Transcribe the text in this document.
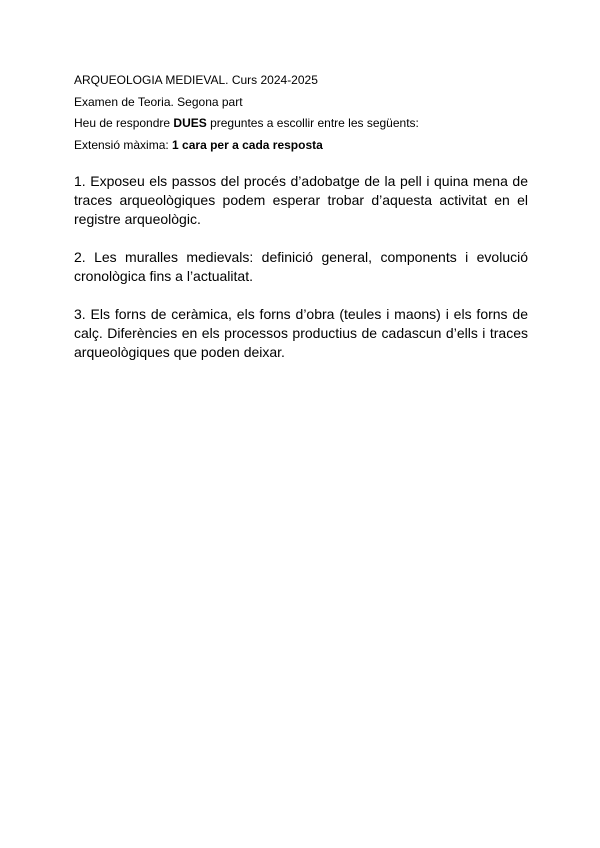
ARQUEOLOGIA MEDIEVAL. Curs 2024-2025
Examen de Teoria. Segona part
Heu de respondre DUES preguntes a escollir entre les següents:
Extensió màxima: 1 cara per a cada resposta

1. Exposeu els passos del procés d’adobatge de la pell i quina mena de traces arqueològiques podem esperar trobar d’aquesta activitat en el registre arqueològic.

2. Les muralles medievals: definició general, components i evolució cronològica fins a l’actualitat.

3. Els forns de ceràmica, els forns d’obra (teules i maons) i els forns de calç. Diferències en els processos productius de cadascun d’ells i traces arqueològiques que poden deixar.
